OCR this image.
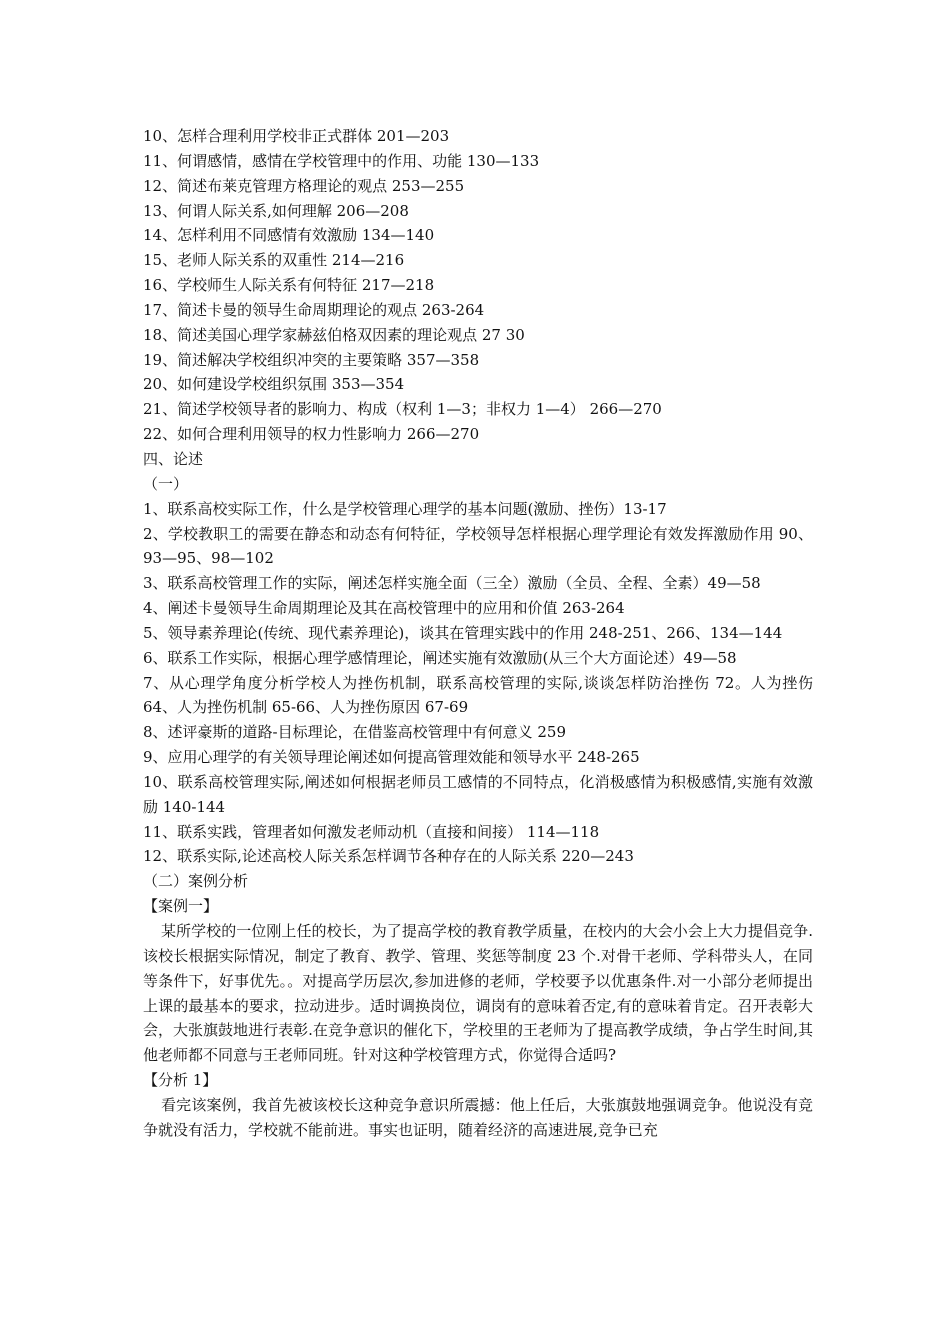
10、怎样合理利用学校非正式群体 201—203
11、何谓感情，感情在学校管理中的作用、功能 130—133
12、简述布莱克管理方格理论的观点 253—255
13、何谓人际关系,如何理解 206—208
14、怎样利用不同感情有效激励 134—140
15、老师人际关系的双重性 214—216
16、学校师生人际关系有何特征 217—218
17、简述卡曼的领导生命周期理论的观点 263-264
18、简述美国心理学家赫兹伯格双因素的理论观点 27 30
19、简述解决学校组织冲突的主要策略 357—358
20、如何建设学校组织氛围 353—354
21、简述学校领导者的影响力、构成（权利 1—3；非权力 1—4） 266—270
22、如何合理利用领导的权力性影响力 266—270
四、论述
（一）
1、联系高校实际工作，什么是学校管理心理学的基本问题(激励、挫伤）13-17
2、学校教职工的需要在静态和动态有何特征，学校领导怎样根据心理学理论有效发挥激励作用 90、93—95、98—102
3、联系高校管理工作的实际，阐述怎样实施全面（三全）激励（全员、全程、全素）49—58
4、阐述卡曼领导生命周期理论及其在高校管理中的应用和价值 263-264
5、领导素养理论(传统、现代素养理论)，谈其在管理实践中的作用 248-251、266、134—144
6、联系工作实际，根据心理学感情理论，阐述实施有效激励(从三个大方面论述）49—58
7、从心理学角度分析学校人为挫伤机制，联系高校管理的实际,谈谈怎样防治挫伤 72。人为挫伤 64、人为挫伤机制 65-66、人为挫伤原因 67-69
8、述评豪斯的道路-目标理论，在借鉴高校管理中有何意义 259
9、应用心理学的有关领导理论阐述如何提高管理效能和领导水平 248-265
10、联系高校管理实际,阐述如何根据老师员工感情的不同特点，化消极感情为积极感情,实施有效激励 140-144
11、联系实践，管理者如何激发老师动机（直接和间接） 114—118
12、联系实际,论述高校人际关系怎样调节各种存在的人际关系 220—243
（二）案例分析
【案例一】
某所学校的一位刚上任的校长，为了提高学校的教育教学质量，在校内的大会小会上大力提倡竞争.该校长根据实际情况，制定了教育、教学、管理、奖惩等制度 23 个.对骨干老师、学科带头人，在同等条件下，好事优先。。对提高学历层次,参加进修的老师，学校要予以优惠条件.对一小部分老师提出上课的最基本的要求，拉动进步。适时调换岗位，调岗有的意味着否定,有的意味着肯定。召开表彰大会，大张旗鼓地进行表彰.在竞争意识的催化下，学校里的王老师为了提高教学成绩，争占学生时间,其他老师都不同意与王老师同班。针对这种学校管理方式，你觉得合适吗?
【分析 1】
看完该案例，我首先被该校长这种竞争意识所震撼：他上任后，大张旗鼓地强调竞争。他说没有竞争就没有活力，学校就不能前进。事实也证明，随着经济的高速进展,竞争已充
